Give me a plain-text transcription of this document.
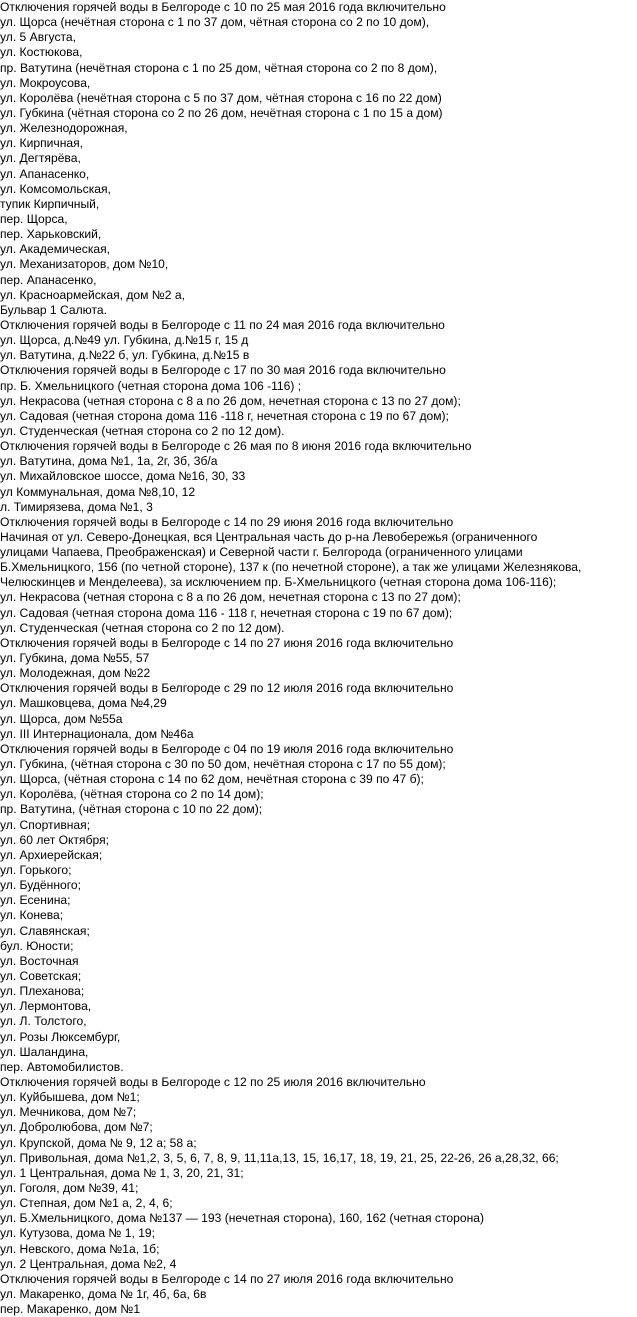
Отключения горячей воды в Белгороде с 10 по 25 мая 2016 года включительно
ул. Щорса (нечётная сторона с 1 по 37 дом, чётная сторона со 2 по 10 дом),
ул. 5 Августа,
ул. Костюкова,
пр. Ватутина (нечётная сторона с 1 по 25 дом, чётная сторона со 2 по 8 дом),
ул. Мокроусова,
ул. Королёва (нечётная сторона с 5 по 37 дом, чётная сторона с 16 по 22 дом)
ул. Губкина (чётная сторона со 2 по 26 дом, нечётная сторона с 1 по 15 а дом)
ул. Железнодорожная,
ул. Кирпичная,
ул. Дегтярёва,
ул. Апанасенко,
ул. Комсомольская,
тупик Кирпичный,
пер. Щорса,
пер. Харьковский,
ул. Академическая,
ул. Механизаторов, дом №10,
пер. Апанасенко,
ул. Красноармейская, дом №2 а,
Бульвар 1 Салюта.
Отключения горячей воды в Белгороде с 11 по 24 мая 2016 года включительно
ул. Щорса, д.№49 ул. Губкина, д.№15 г, 15 д
ул. Ватутина, д.№22 б, ул. Губкина, д.№15 в
Отключения горячей воды в Белгороде с 17 по 30 мая 2016 года включительно
пр. Б. Хмельницкого (четная сторона дома 106 -116) ;
ул. Некрасова (четная сторона с 8 а по 26 дом, нечетная сторона с 13 по 27 дом);
ул. Садовая (четная сторона дома 116 -118 г, нечетная сторона с 19 по 67 дом);
ул. Студенческая (четная сторона со 2 по 12 дом).
Отключения горячей воды в Белгороде с 26 мая по 8 июня 2016 года включительно
ул. Ватутина, дома №1, 1а, 2г, 3б, 3б/а
ул. Михайловское шоссе, дома №16, 30, 33
ул Коммунальная, дома №8,10, 12
л. Тимирязева, дома №1, 3
Отключения горячей воды в Белгороде с 14 по 29 июня 2016 года включительно
Начиная от ул. Северо-Донецкая, вся Центральная часть до р-на Левобережья (ограниченного
улицами Чапаева, Преображенская) и Северной части г. Белгорода (ограниченного улицами
Б.Хмельницкого, 156 (по четной стороне), 137 к (по нечетной стороне), а так же улицами Железнякова,
Челюскинцев и Менделеева), за исключением пр. Б-Хмельницкого (четная сторона дома 106-116);
ул. Некрасова (четная сторона с 8 а по 26 дом, нечетная сторона с 13 по 27 дом);
ул. Садовая (четная сторона дома 116 - 118 г, нечетная сторона с 19 по 67 дом);
ул. Студенческая (четная сторона со 2 по 12 дом).
Отключения горячей воды в Белгороде с 14 по 27 июня 2016 года включительно
ул. Губкина, дома №55, 57
ул. Молодежная, дом №22
Отключения горячей воды в Белгороде с 29 по 12 июля 2016 года включительно
ул. Машковцева, дома №4,29
ул. Щорса, дом №55а
ул. III Интернационала, дом №46а
Отключения горячей воды в Белгороде с 04 по 19 июля 2016 года включительно
ул. Губкина, (чётная сторона с 30 по 50 дом, нечётная сторона с 17 по 55 дом);
ул. Щорса, (чётная сторона с 14 по 62 дом, нечётная сторона с 39 по 47 б);
ул. Королёва, (чётная сторона со 2 по 14 дом);
пр. Ватутина, (чётная сторона с 10 по 22 дом);
ул. Спортивная;
ул. 60 лет Октября;
ул. Архиерейская;
ул. Горького;
ул. Будённого;
ул. Есенина;
ул. Конева;
ул. Славянская;
бул. Юности;
ул. Восточная
ул. Советская;
ул. Плеханова;
ул. Лермонтова,
ул. Л. Толстого,
ул. Розы Люксембург,
ул. Шаландина,
пер. Автомобилистов.
Отключения горячей воды в Белгороде с 12 по 25 июля 2016 включительно
ул. Куйбышева, дом №1;
ул. Мечникова, дом №7;
ул. Добролюбова, дом №7;
ул. Крупской, дома № 9, 12 а; 58 а;
ул. Привольная, дома №1,2, 3, 5, 6, 7, 8, 9, 11,11а,13, 15, 16,17, 18, 19, 21, 25, 22-26, 26 а,28,32, 66;
ул. 1 Центральная, дома № 1, 3, 20, 21, 31;
ул. Гоголя, дом №39, 41;
ул. Степная, дом №1 а, 2, 4, 6;
ул. Б.Хмельницкого, дома №137 — 193 (нечетная сторона), 160, 162 (четная сторона)
ул. Кутузова, дома № 1, 19;
ул. Невского, дома №1а, 1б;
ул. 2 Центральная, дома №2, 4
Отключения горячей воды в Белгороде с 14 по 27 июля 2016 года включительно
ул. Макаренко, дома № 1г, 4б, 6а, 6в
пер. Макаренко, дом №1
